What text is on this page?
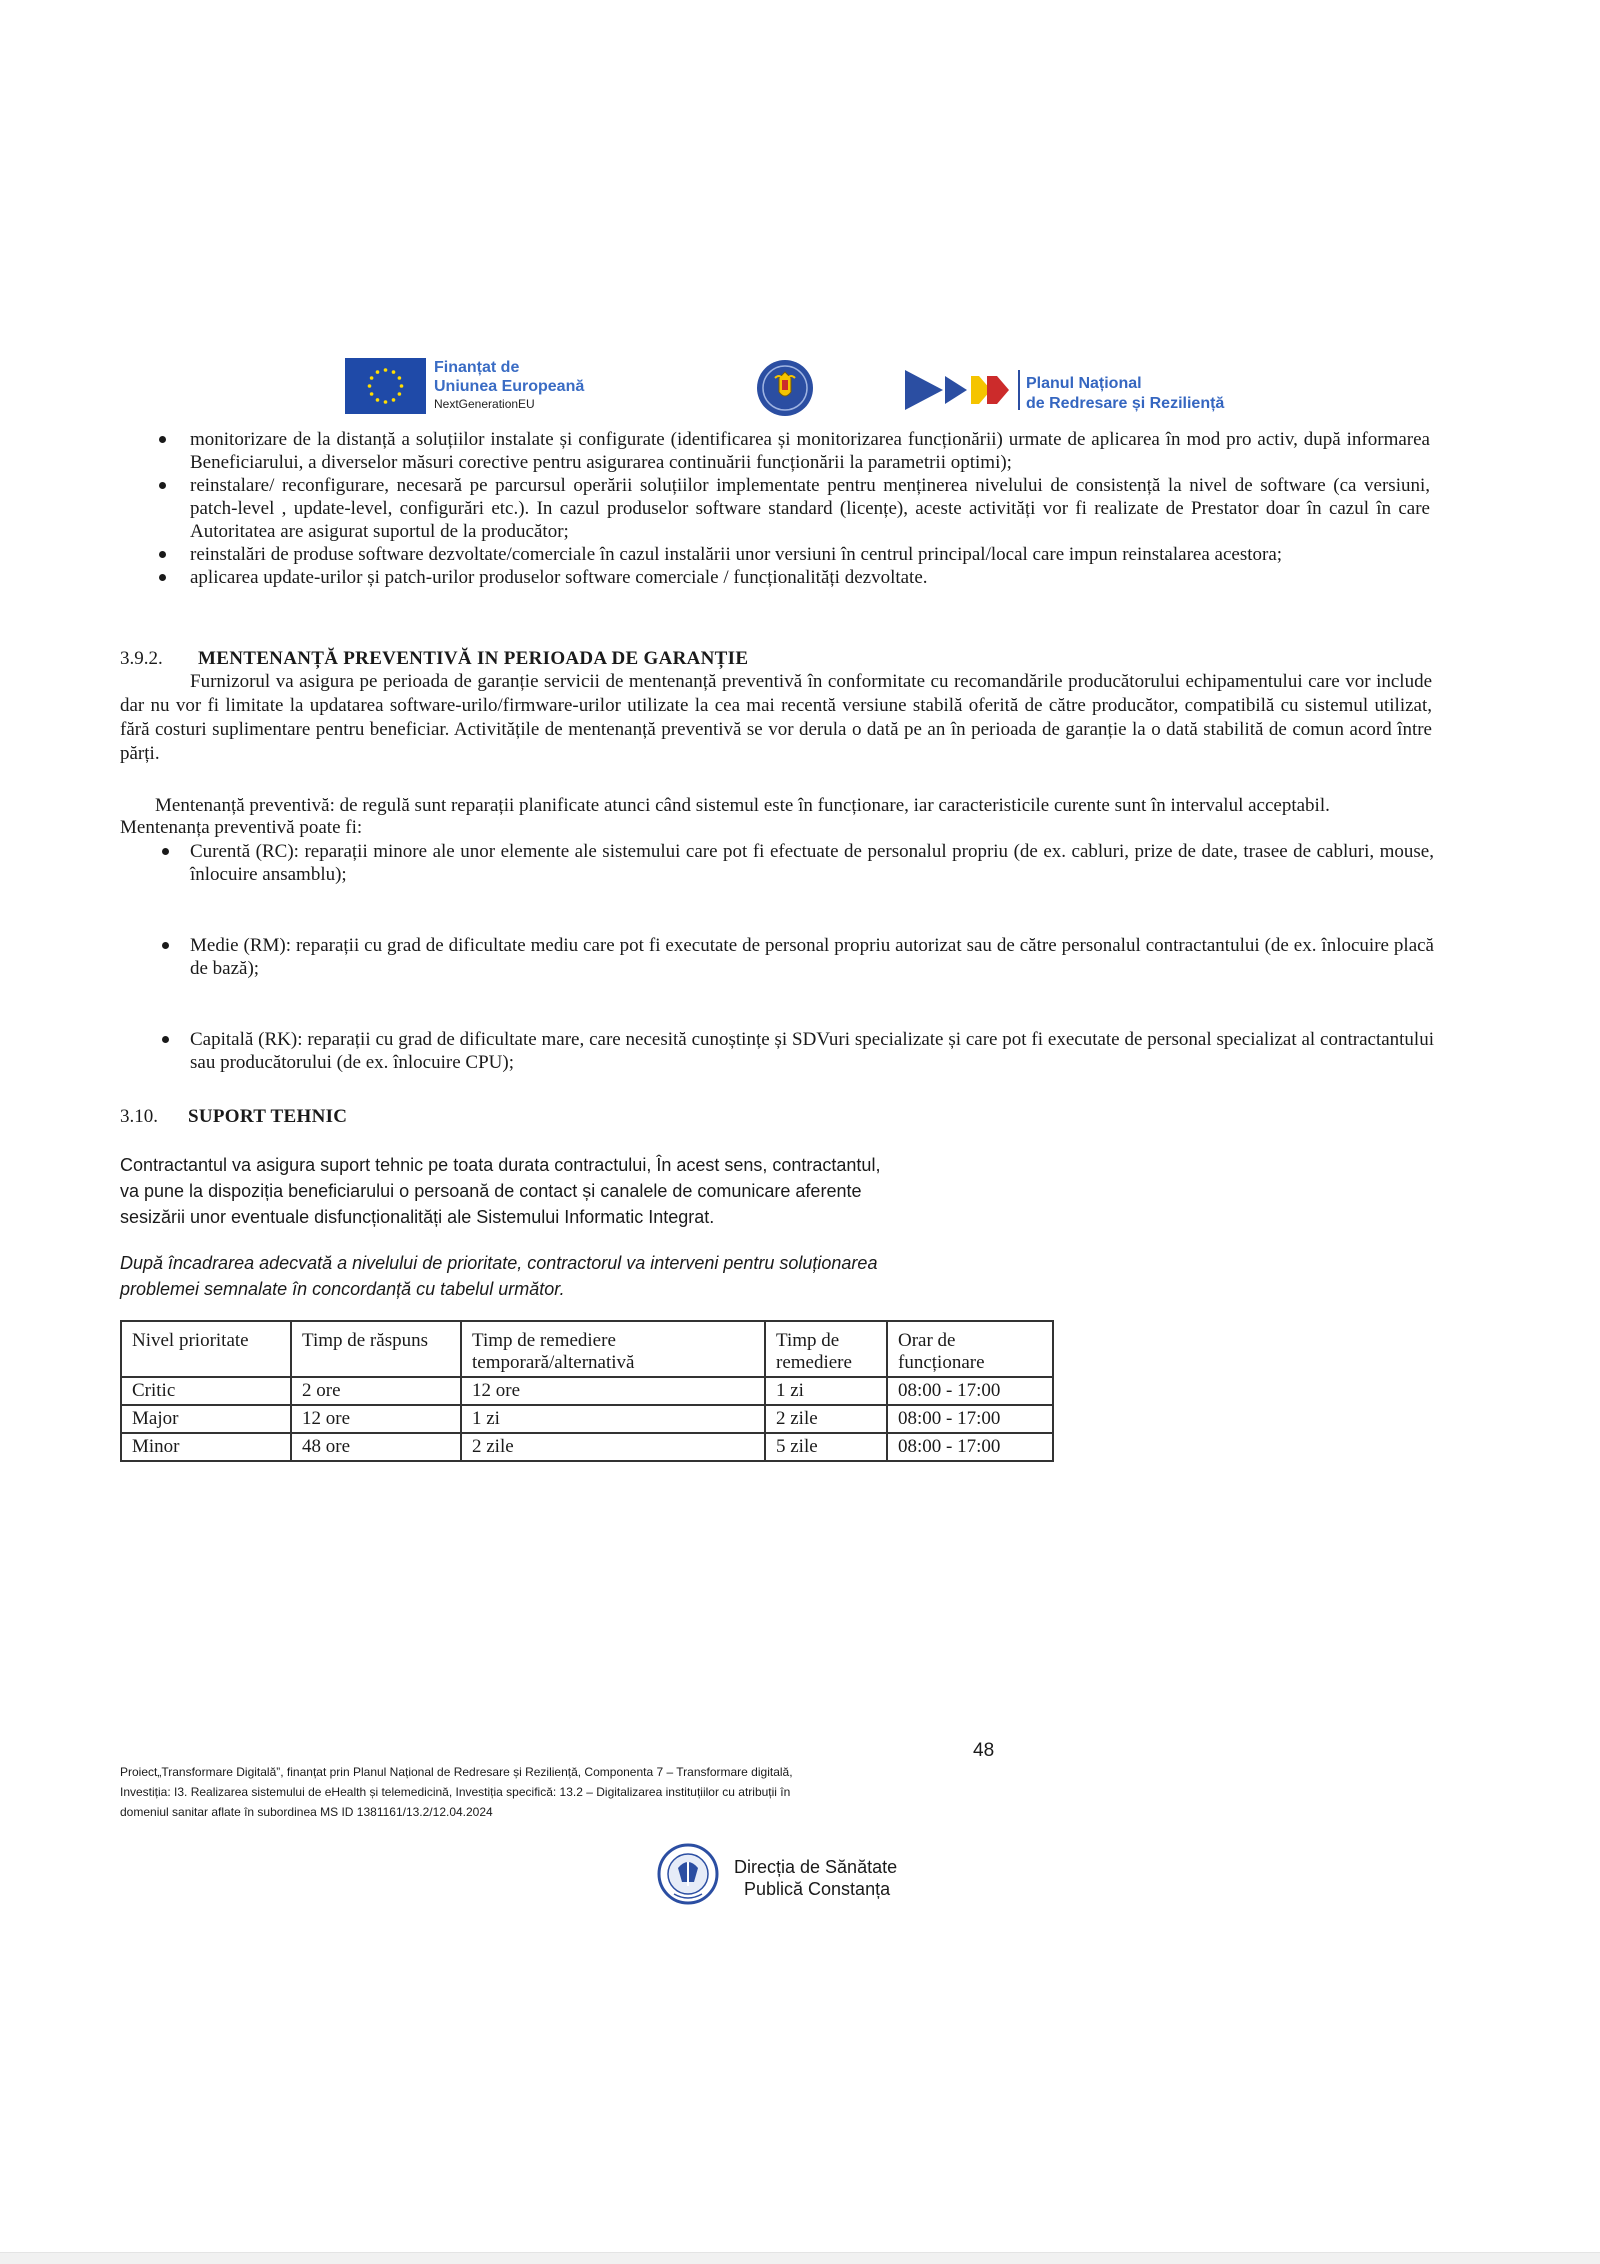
Finanțat de
Uniunea Europeană
NextGenerationEU
Planul Național
de Redresare și Reziliență

monitorizare de la distanță a soluțiilor instalate și configurate (identificarea și monitorizarea funcționării) urmate de aplicarea în mod pro activ, după informarea Beneficiarului, a diverselor măsuri corective pentru asigurarea continuării funcționării la parametrii optimi);

reinstalare/ reconfigurare, necesară pe parcursul operării soluțiilor implementate pentru menținerea nivelului de consistență la nivel de software (ca versiuni, patch-level , update-level, configurări etc.). In cazul produselor software standard (licențe), aceste activități vor fi realizate de Prestator doar în cazul în care Autoritatea are asigurat suportul de la producător;

reinstalări de produse software dezvoltate/comerciale în cazul instalării unor versiuni în centrul principal/local care impun reinstalarea acestora;

aplicarea update-urilor și patch-urilor produselor software comerciale / funcționalități dezvoltate.

3.9.2. MENTENANȚĂ PREVENTIVĂ IN PERIOADA DE GARANȚIE

Furnizorul va asigura pe perioada de garanție servicii de mentenanță preventivă în conformitate cu recomandările producătorului echipamentului care vor include dar nu vor fi limitate la updatarea software-urilo/firmware-urilor utilizate la cea mai recentă versiune stabilă oferită de către producător, compatibilă cu sistemul utilizat, fără costuri suplimentare pentru beneficiar. Activitățile de mentenanță preventivă se vor derula o dată pe an în perioada de garanție la o dată stabilită de comun acord între părți.

Mentenanță preventivă: de regulă sunt reparații planificate atunci când sistemul este în funcționare, iar caracteristicile curente sunt în intervalul acceptabil.

Mentenanța preventivă poate fi:

Curentă (RC): reparații minore ale unor elemente ale sistemului care pot fi efectuate de personalul propriu (de ex. cabluri, prize de date, trasee de cabluri, mouse, înlocuire ansamblu);

Medie (RM): reparații cu grad de dificultate mediu care pot fi executate de personal propriu autorizat sau de către personalul contractantului (de ex. înlocuire placă de bază);

Capitală (RK): reparații cu grad de dificultate mare, care necesită cunoștințe și SDVuri specializate și care pot fi executate de personal specializat al contractantului sau producătorului (de ex. înlocuire CPU);

3.10. SUPORT TEHNIC
Contractantul va asigura suport tehnic pe toata durata contractului, În acest sens, contractantul,
va pune la dispoziția beneficiarului o persoană de contact și canalele de comunicare aferente
sesizării unor eventuale disfuncționalități ale Sistemului Informatic Integrat.
După încadrarea adecvată a nivelului de prioritate, contractorul va interveni pentru soluționarea
problemei semnalate în concordanță cu tabelul următor.
Nivel prioritate	Timp de răspuns	Timp de remediere temporară/alternativă	Timp de remediere	Orar de funcționare
Critic	2 ore	12 ore	1 zi	08:00 - 17:00
Major	12 ore	1 zi	2 zile	08:00 - 17:00
Minor	48 ore	2 zile	5 zile	08:00 - 17:00
48
Proiect„Transformare Digitală”, finanțat prin Planul Național de Redresare și Reziliență, Componenta 7 – Transformare digitală,
Investiția: I3. Realizarea sistemului de eHealth și telemedicină, Investiția specifică: 13.2 – Digitalizarea instituțiilor cu atribuții în
domeniul sanitar aflate în subordinea MS ID 1381161/13.2/12.04.2024
Direcția de Sănătate
Publică Constanța
